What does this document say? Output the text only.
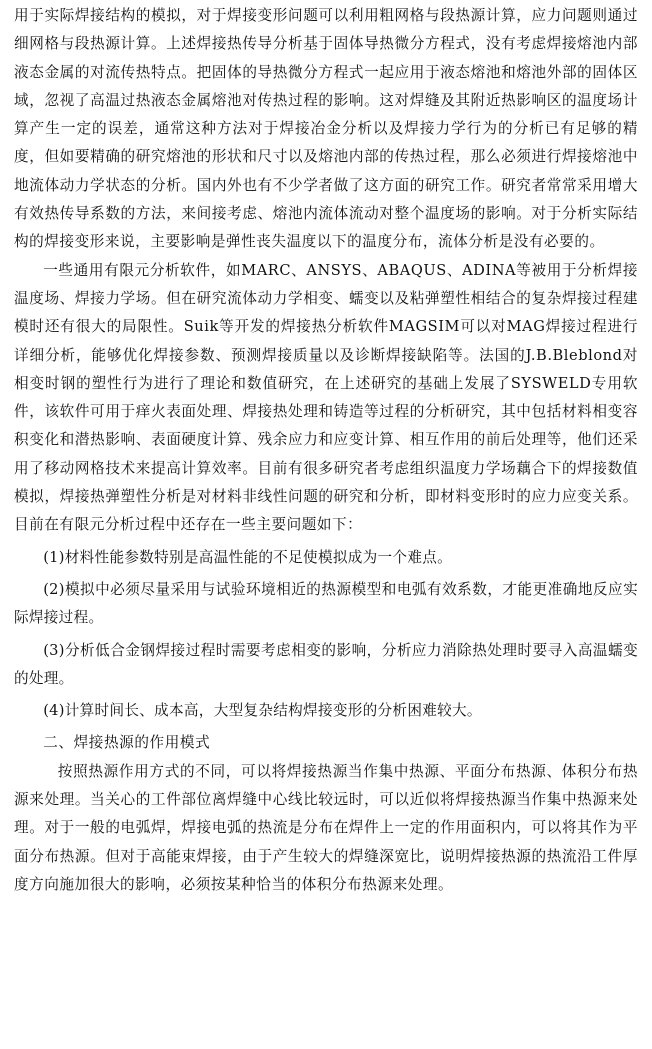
用于实际焊接结构的模拟，对于焊接变形问题可以利用粗网格与段热源计算，应力问题则通过细网格与段热源计算。上述焊接热传导分析基于固体导热微分方程式，没有考虑焊接熔池内部液态金属的对流传热特点。把固体的导热微分方程式一起应用于液态熔池和熔池外部的固体区域，忽视了高温过热液态金属熔池对传热过程的影响。这对焊缝及其附近热影响区的温度场计算产生一定的误差，通常这种方法对于焊接冶金分析以及焊接力学行为的分析已有足够的精度，但如要精确的研究熔池的形状和尺寸以及熔池内部的传热过程，那么必须进行焊接熔池中地流体动力学状态的分析。国内外也有不少学者做了这方面的研究工作。研究者常常采用增大有效热传导系数的方法，来间接考虑、熔池内流体流动对整个温度场的影响。对于分析实际结构的焊接变形来说，主要影响是弹性丧失温度以下的温度分布，流体分析是没有必要的。

一些通用有限元分析软件，如MARC、ANSYS、ABAQUS、ADINA等被用于分析焊接温度场、焊接力学场。但在研究流体动力学相变、蠕变以及粘弹塑性相结合的复杂焊接过程建模时还有很大的局限性。Suik等开发的焊接热分析软件MAGSIM可以对MAG焊接过程进行详细分析，能够优化焊接参数、预测焊接质量以及诊断焊接缺陷等。法国的J.B.Bleblond对相变时钢的塑性行为进行了理论和数值研究，在上述研究的基础上发展了SYSWELD专用软件，该软件可用于痒火表面处理、焊接热处理和铸造等过程的分析研究，其中包括材料相变容积变化和潜热影响、表面硬度计算、残余应力和应变计算、相互作用的前后处理等，他们还采用了移动网格技术来提高计算效率。目前有很多研究者考虑组织温度力学场藕合下的焊接数值模拟，焊接热弹塑性分析是对材料非线性问题的研究和分析，即材料变形时的应力应变关系。目前在有限元分析过程中还存在一些主要问题如下：

(1)材料性能参数特别是高温性能的不足使模拟成为一个难点。

(2)模拟中必须尽量采用与试验环境相近的热源模型和电弧有效系数，才能更准确地反应实际焊接过程。

(3)分析低合金钢焊接过程时需要考虑相变的影响，分析应力消除热处理时要寻入高温蠕变的处理。

(4)计算时间长、成本高，大型复杂结构焊接变形的分析困难较大。

二、焊接热源的作用模式

按照热源作用方式的不同，可以将焊接热源当作集中热源、平面分布热源、体积分布热源来处理。当关心的工件部位离焊缝中心线比较远时，可以近似将焊接热源当作集中热源来处理。对于一般的电弧焊，焊接电弧的热流是分布在焊件上一定的作用面积内，可以将其作为平面分布热源。但对于高能束焊接，由于产生较大的焊缝深宽比，说明焊接热源的热流沿工件厚度方向施加很大的影响，必须按某种恰当的体积分布热源来处理。
